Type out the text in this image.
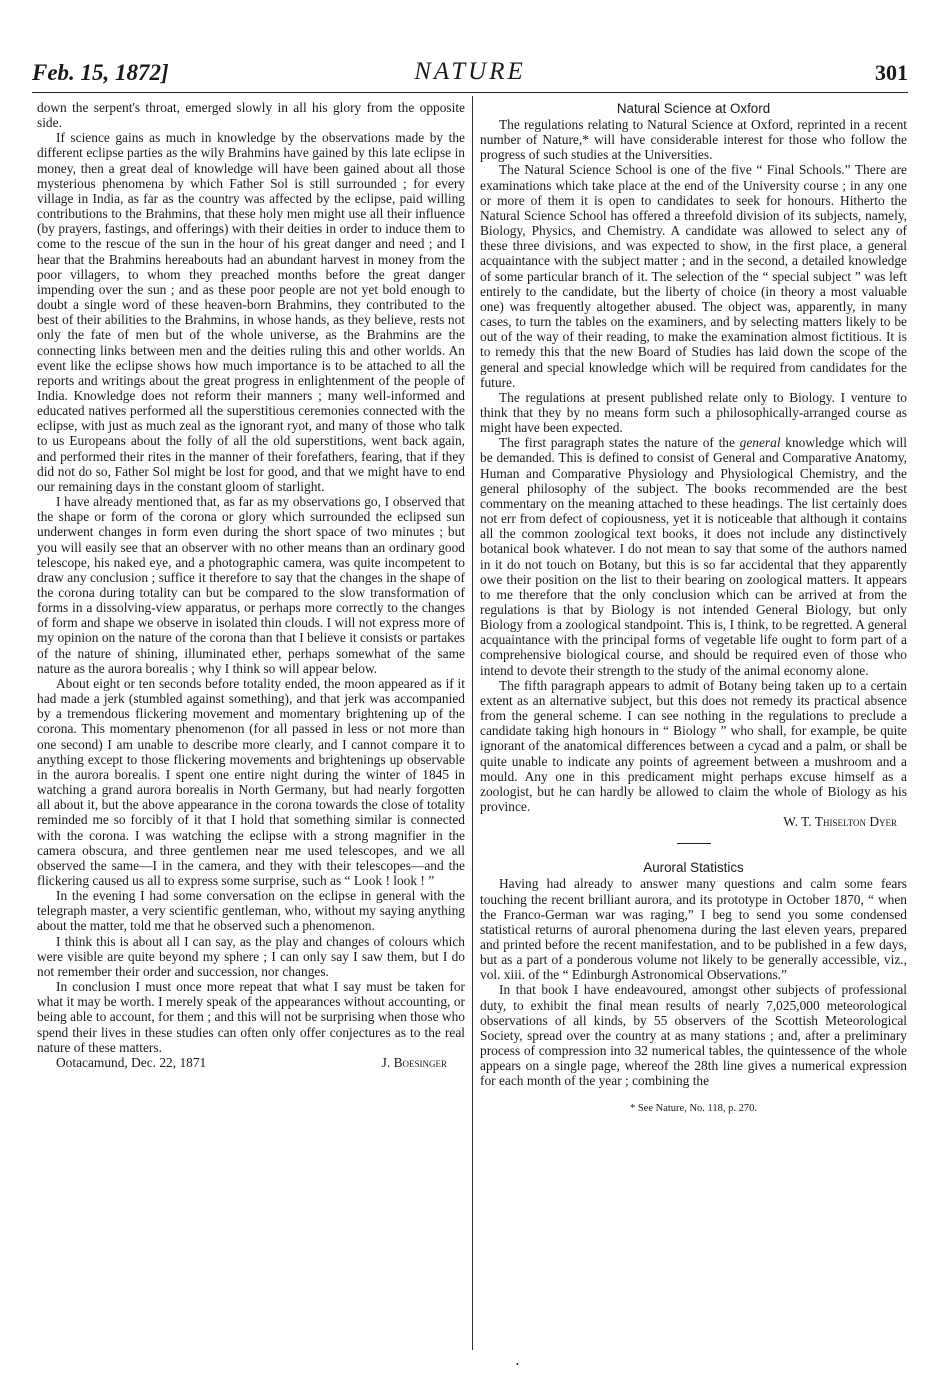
Feb. 15, 1872]	NATURE	301

down the serpent's throat, emerged slowly in all his glory from the opposite side.

If science gains as much in knowledge by the observations made by the different eclipse parties as the wily Brahmins have gained by this late eclipse in money, then a great deal of knowledge will have been gained about all those mysterious phenomena by which Father Sol is still surrounded ; for every village in India, as far as the country was affected by the eclipse, paid willing contributions to the Brahmins, that these holy men might use all their influence (by prayers, fastings, and offerings) with their deities in order to induce them to come to the rescue of the sun in the hour of his great danger and need ; and I hear that the Brahmins hereabouts had an abundant harvest in money from the poor villagers, to whom they preached months before the great danger impending over the sun ; and as these poor people are not yet bold enough to doubt a single word of these heaven-born Brahmins, they contributed to the best of their abilities to the Brahmins, in whose hands, as they believe, rests not only the fate of men but of the whole universe, as the Brahmins are the connecting links between men and the deities ruling this and other worlds. An event like the eclipse shows how much importance is to be attached to all the reports and writings about the great progress in enlightenment of the people of India. Knowledge does not reform their manners ; many well-informed and educated natives performed all the superstitious ceremonies connected with the eclipse, with just as much zeal as the ignorant ryot, and many of those who talk to us Europeans about the folly of all the old superstitions, went back again, and performed their rites in the manner of their forefathers, fearing, that if they did not do so, Father Sol might be lost for good, and that we might have to end our remaining days in the constant gloom of starlight.

I have already mentioned that, as far as my observations go, I observed that the shape or form of the corona or glory which surrounded the eclipsed sun underwent changes in form even during the short space of two minutes ; but you will easily see that an observer with no other means than an ordinary good telescope, his naked eye, and a photographic camera, was quite incompetent to draw any conclusion ; suffice it therefore to say that the changes in the shape of the corona during totality can but be compared to the slow transformation of forms in a dissolving-view apparatus, or perhaps more correctly to the changes of form and shape we observe in isolated thin clouds. I will not express more of my opinion on the nature of the corona than that I believe it consists or partakes of the nature of shining, illuminated ether, perhaps somewhat of the same nature as the aurora borealis ; why I think so will appear below.

About eight or ten seconds before totality ended, the moon appeared as if it had made a jerk (stumbled against something), and that jerk was accompanied by a tremendous flickering movement and momentary brightening up of the corona. This momentary phenomenon (for all passed in less or not more than one second) I am unable to describe more clearly, and I cannot compare it to anything except to those flickering movements and brightenings up observable in the aurora borealis. I spent one entire night during the winter of 1845 in watching a grand aurora borealis in North Germany, but had nearly forgotten all about it, but the above appearance in the corona towards the close of totality reminded me so forcibly of it that I hold that something similar is connected with the corona. I was watching the eclipse with a strong magnifier in the camera obscura, and three gentlemen near me used telescopes, and we all observed the same—I in the camera, and they with their telescopes—and the flickering caused us all to express some surprise, such as “ Look ! look ! ”

In the evening I had some conversation on the eclipse in general with the telegraph master, a very scientific gentleman, who, without my saying anything about the matter, told me that he observed such a phenomenon.

I think this is about all I can say, as the play and changes of colours which were visible are quite beyond my sphere ; I can only say I saw them, but I do not remember their order and succession, nor changes.

In conclusion I must once more repeat that what I say must be taken for what it may be worth. I merely speak of the appearances without accounting, or being able to account, for them ; and this will not be surprising when those who spend their lives in these studies can often only offer conjectures as to the real nature of these matters.

Ootacamund, Dec. 22, 1871	J. Boesinger

Natural Science at Oxford

The regulations relating to Natural Science at Oxford, reprinted in a recent number of Nature,* will have considerable interest for those who follow the progress of such studies at the Universities.

The Natural Science School is one of the five “ Final Schools.” There are examinations which take place at the end of the University course ; in any one or more of them it is open to candidates to seek for honours. Hitherto the Natural Science School has offered a threefold division of its subjects, namely, Biology, Physics, and Chemistry. A candidate was allowed to select any of these three divisions, and was expected to show, in the first place, a general acquaintance with the subject matter ; and in the second, a detailed knowledge of some particular branch of it. The selection of the “ special subject ” was left entirely to the candidate, but the liberty of choice (in theory a most valuable one) was frequently altogether abused. The object was, apparently, in many cases, to turn the tables on the examiners, and by selecting matters likely to be out of the way of their reading, to make the examination almost fictitious. It is to remedy this that the new Board of Studies has laid down the scope of the general and special knowledge which will be required from candidates for the future.

The regulations at present published relate only to Biology. I venture to think that they by no means form such a philosophically-arranged course as might have been expected.

The first paragraph states the nature of the general knowledge which will be demanded. This is defined to consist of General and Comparative Anatomy, Human and Comparative Physiology and Physiological Chemistry, and the general philosophy of the subject. The books recommended are the best commentary on the meaning attached to these headings. The list certainly does not err from defect of copiousness, yet it is noticeable that although it contains all the common zoological text books, it does not include any distinctively botanical book whatever. I do not mean to say that some of the authors named in it do not touch on Botany, but this is so far accidental that they apparently owe their position on the list to their bearing on zoological matters. It appears to me therefore that the only conclusion which can be arrived at from the regulations is that by Biology is not intended General Biology, but only Biology from a zoological standpoint. This is, I think, to be regretted. A general acquaintance with the principal forms of vegetable life ought to form part of a comprehensive biological course, and should be required even of those who intend to devote their strength to the study of the animal economy alone.

The fifth paragraph appears to admit of Botany being taken up to a certain extent as an alternative subject, but this does not remedy its practical absence from the general scheme. I can see nothing in the regulations to preclude a candidate taking high honours in “ Biology ” who shall, for example, be quite ignorant of the anatomical differences between a cycad and a palm, or shall be quite unable to indicate any points of agreement between a mushroom and a mould. Any one in this predicament might perhaps excuse himself as a zoologist, but he can hardly be allowed to claim the whole of Biology as his province.

W. T. Thiselton Dyer

Auroral Statistics

Having had already to answer many questions and calm some fears touching the recent brilliant aurora, and its prototype in October 1870, “ when the Franco-German war was raging,” I beg to send you some condensed statistical returns of auroral phenomena during the last eleven years, prepared and printed before the recent manifestation, and to be published in a few days, but as a part of a ponderous volume not likely to be generally accessible, viz., vol. xiii. of the “ Edinburgh Astronomical Observations.”

In that book I have endeavoured, amongst other subjects of professional duty, to exhibit the final mean results of nearly 7,025,000 meteorological observations of all kinds, by 55 observers of the Scottish Meteorological Society, spread over the country at as many stations ; and, after a preliminary process of compression into 32 numerical tables, the quintessence of the whole appears on a single page, whereof the 28th line gives a numerical expression for each month of the year ; combining the

* See Nature, No. 118, p. 270.

•
